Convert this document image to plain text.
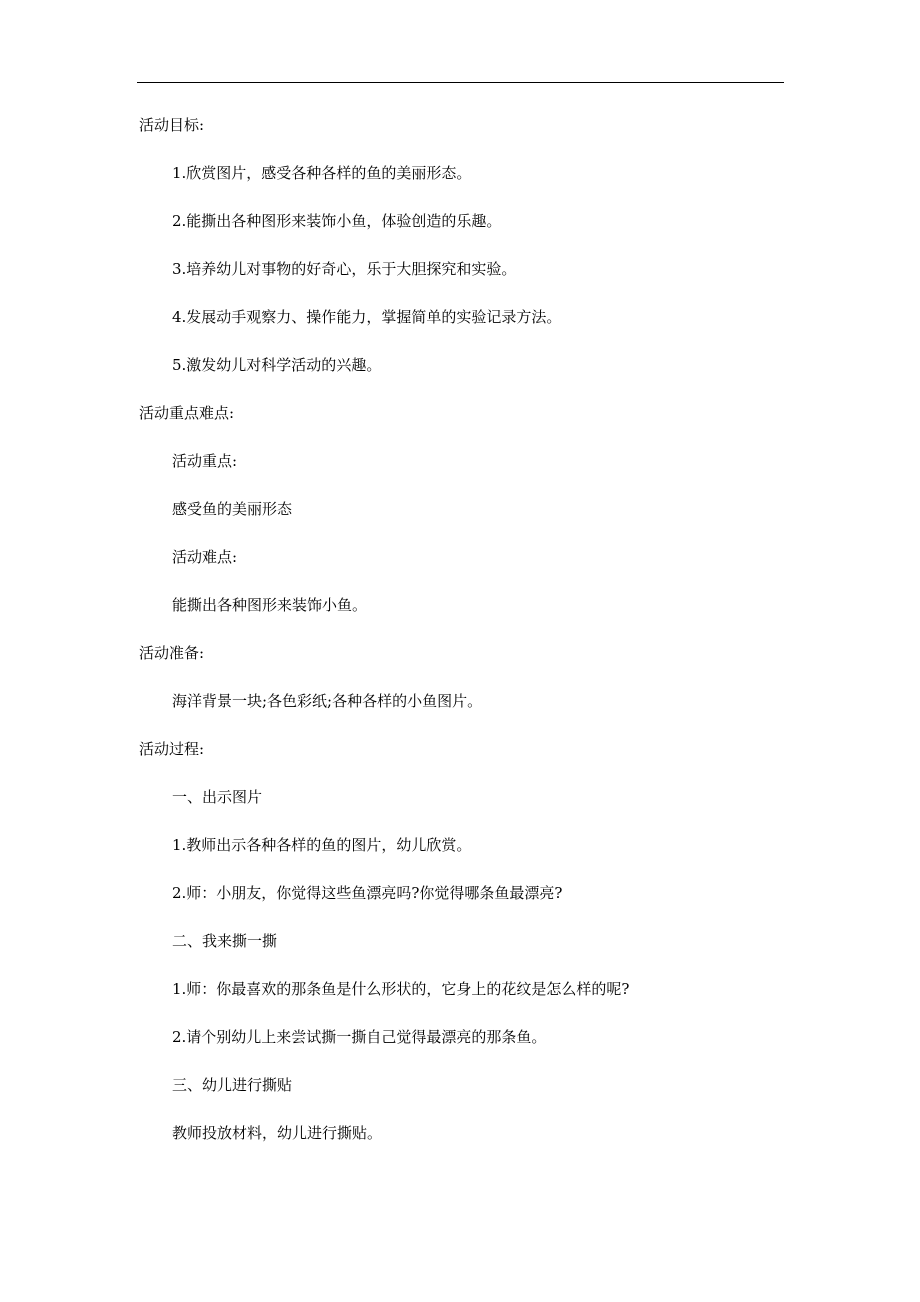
活动目标:
1.欣赏图片，感受各种各样的鱼的美丽形态。
2.能撕出各种图形来装饰小鱼，体验创造的乐趣。
3.培养幼儿对事物的好奇心，乐于大胆探究和实验。
4.发展动手观察力、操作能力，掌握简单的实验记录方法。
5.激发幼儿对科学活动的兴趣。
活动重点难点:
活动重点:
感受鱼的美丽形态
活动难点:
能撕出各种图形来装饰小鱼。
活动准备:
海洋背景一块;各色彩纸;各种各样的小鱼图片。
活动过程:
一、出示图片
1.教师出示各种各样的鱼的图片，幼儿欣赏。
2.师：小朋友，你觉得这些鱼漂亮吗?你觉得哪条鱼最漂亮?
二、我来撕一撕
1.师：你最喜欢的那条鱼是什么形状的，它身上的花纹是怎么样的呢?
2.请个别幼儿上来尝试撕一撕自己觉得最漂亮的那条鱼。
三、幼儿进行撕贴
教师投放材料，幼儿进行撕贴。
